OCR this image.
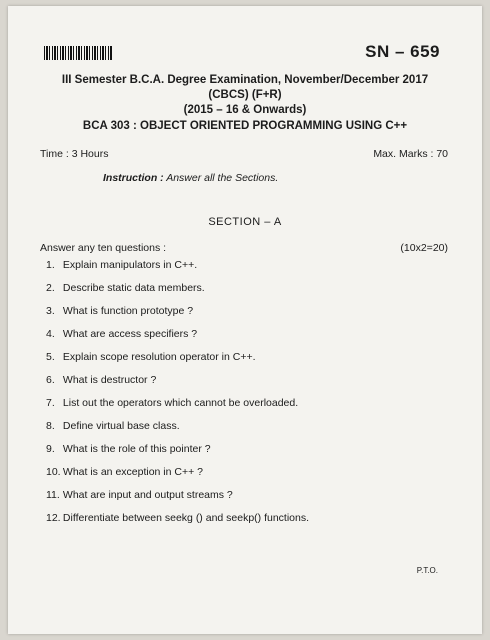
SN – 659
III Semester B.C.A. Degree Examination, November/December 2017
(CBCS) (F+R)
(2015 – 16 & Onwards)
BCA 303 : OBJECT ORIENTED PROGRAMMING USING C++
Time : 3 Hours	Max. Marks : 70
Instruction : Answer all the Sections.
SECTION – A
Answer any ten questions :	(10x2=20)
1. Explain manipulators in C++.
2. Describe static data members.
3. What is function prototype ?
4. What are access specifiers ?
5. Explain scope resolution operator in C++.
6. What is destructor ?
7. List out the operators which cannot be overloaded.
8. Define virtual base class.
9. What is the role of this pointer ?
10. What is an exception in C++ ?
11. What are input and output streams ?
12. Differentiate between seekg () and seekp() functions.
P.T.O.
